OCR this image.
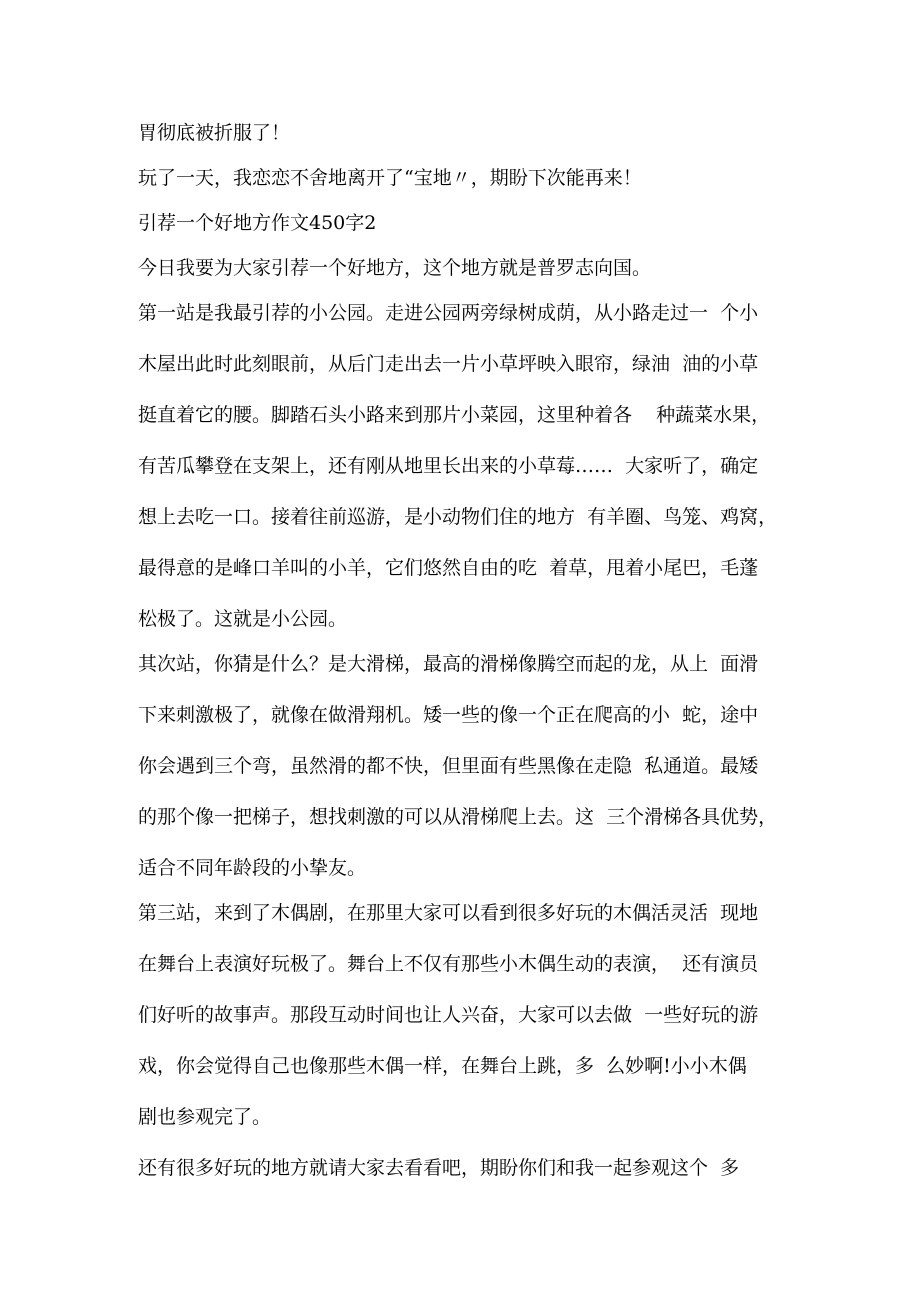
胃彻底被折服了！
玩了一天，我恋恋不舍地离开了“宝地〃，期盼下次能再来！
引荐一个好地方作文450字2
今日我要为大家引荐一个好地方，这个地方就是普罗志向国。
第一站是我最引荐的小公园。走进公园两旁绿树成荫，从小路走过一  个小
木屋出此时此刻眼前，从后门走出去一片小草坪映入眼帘，绿油  油的小草
挺直着它的腰。脚踏石头小路来到那片小菜园，这里种着各    种蔬菜水果，
有苦瓜攀登在支架上，还有刚从地里长出来的小草莓……  大家听了，确定
想上去吃一口。接着往前巡游，是小动物们住的地方  有羊圈、鸟笼、鸡窝，
最得意的是峰口羊叫的小羊，它们悠然自由的吃  着草，甩着小尾巴，毛蓬
松极了。这就是小公园。
其次站，你猜是什么？是大滑梯，最高的滑梯像腾空而起的龙，从上  面滑
下来刺激极了，就像在做滑翔机。矮一些的像一个正在爬高的小  蛇，途中
你会遇到三个弯，虽然滑的都不快，但里面有些黑像在走隐  私通道。最矮
的那个像一把梯子，想找刺激的可以从滑梯爬上去。这  三个滑梯各具优势，
适合不同年龄段的小挚友。
第三站，来到了木偶剧，在那里大家可以看到很多好玩的木偶活灵活  现地
在舞台上表演好玩极了。舞台上不仅有那些小木偶生动的表演，  还有演员
们好听的故事声。那段互动时间也让人兴奋，大家可以去做  一些好玩的游
戏，你会觉得自己也像那些木偶一样，在舞台上跳，多  么妙啊!小小木偶
剧也参观完了。
还有很多好玩的地方就请大家去看看吧，期盼你们和我一起参观这个  多
